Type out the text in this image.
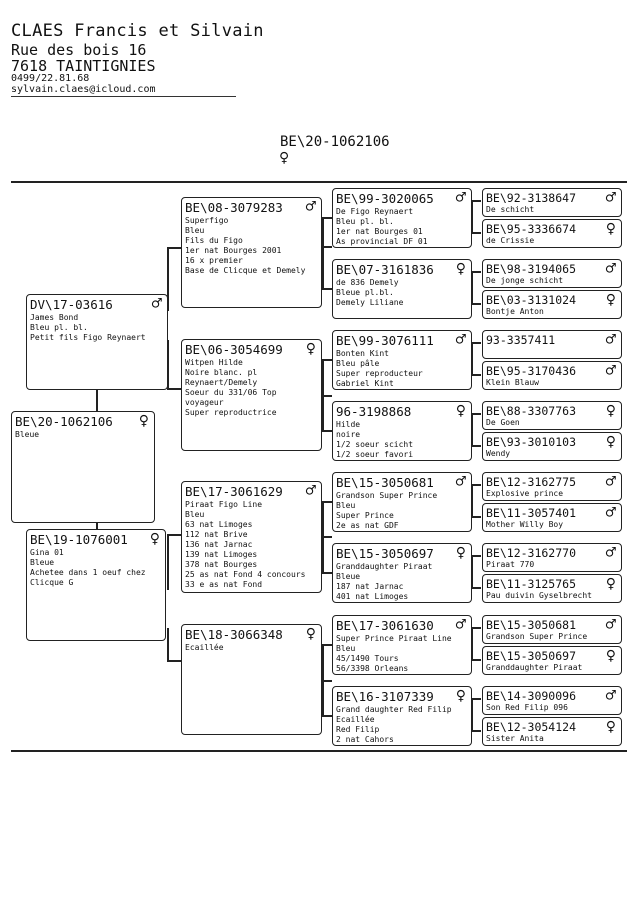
CLAES Francis et Silvain
Rue des bois 16
7618 TAINTIGNIES
0499/22.81.68
sylvain.claes@icloud.com
BE\20-1062106
♀
DV\17-03616	♂
James Bond
Bleu pl. bl.
Petit fils Figo Reynaert
BE\20-1062106	♀
Bleue
BE\19-1076001	♀
Gina 01
Bleue
Achetee dans 1 oeuf chez
Clicque G
BE\08-3079283	♂
Superfigo
Bleu
Fils du Figo
1er nat Bourges 2001
16 x premier
Base de Clicque et Demely
BE\06-3054699	♀
Witpen Hilde
Noire blanc. pl
Reynaert/Demely
Soeur du 331/06 Top
voyageur
Super reproductrice
BE\17-3061629	♂
Piraat Figo Line
Bleu
63 nat Limoges
112 nat Brive
136 nat Jarnac
139 nat Limoges
378 nat Bourges
25 as nat Fond 4 concours
33 e as nat Fond
BE\18-3066348	♀
Ecaillée
BE\99-3020065	♂
De Figo Reynaert
Bleu pl. bl.
1er nat Bourges 01
As provincial DF 01
BE\07-3161836	♀
de 836 Demely
Bleue pl.bl.
Demely Liliane
BE\99-3076111	♂
Bonten Kint
Bleu pâle
Super reproducteur
Gabriel Kint
96-3198868	♀
Hilde
noire
1/2 soeur scicht
1/2 soeur favori
BE\15-3050681	♂
Grandson Super Prince
Bleu
Super Prince
2e as nat GDF
BE\15-3050697	♀
Granddaughter Piraat
Bleue
187 nat Jarnac
401 nat Limoges
BE\17-3061630	♂
Super Prince Piraat Line
Bleu
45/1490 Tours
56/3398 Orleans
BE\16-3107339	♀
Grand daughter Red Filip
Ecaillée
Red Filip
2 nat Cahors
BE\92-3138647	♂
De schicht
BE\95-3336674	♀
de Crissie
BE\98-3194065	♂
De jonge schicht
BE\03-3131024	♀
Bontje Anton
93-3357411	♂
BE\95-3170436	♂
Klein Blauw
BE\88-3307763	♀
De Goen
BE\93-3010103	♀
Wendy
BE\12-3162775	♂
Explosive prince
BE\11-3057401	♂
Mother Willy Boy
BE\12-3162770	♂
Piraat 770
BE\11-3125765	♀
Pau duivin Gyselbrecht
BE\15-3050681	♂
Grandson Super Prince
BE\15-3050697	♀
Granddaughter Piraat
BE\14-3090096	♂
Son Red Filip 096
BE\12-3054124	♀
Sister Anita
